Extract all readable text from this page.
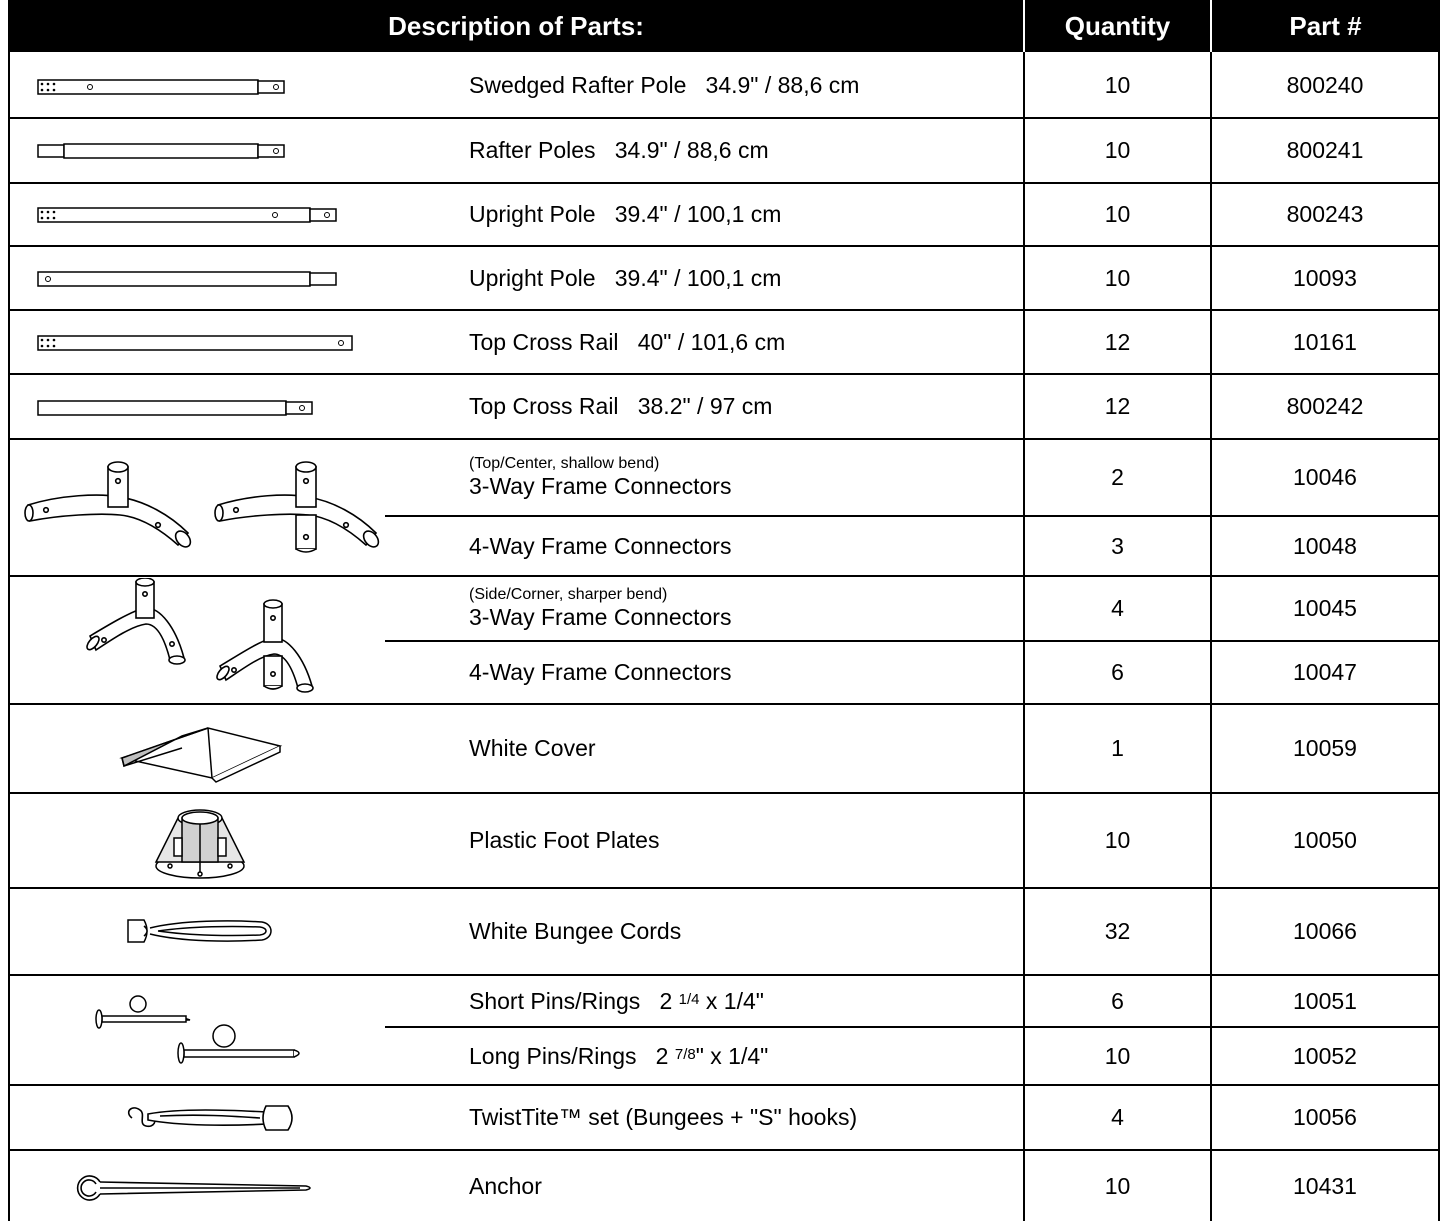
Description of Parts:	Quantity	Part #
Swedged Rafter Pole 34.9" / 88,6 cm	10	800240
Rafter Poles 34.9" / 88,6 cm	10	800241
Upright Pole 39.4" / 100,1 cm	10	800243
Upright Pole 39.4" / 100,1 cm	10	10093
Top Cross Rail 40" / 101,6 cm	12	10161
Top Cross Rail 38.2" / 97 cm	12	800242
(Top/Center, shallow bend)
3-Way Frame Connectors	2	10046
4-Way Frame Connectors	3	10048
(Side/Corner, sharper bend)
3-Way Frame Connectors	4	10045
4-Way Frame Connectors	6	10047
White Cover	1	10059
Plastic Foot Plates	10	10050
White Bungee Cords	32	10066
Short Pins/Rings 2 $^{1/4}$ x 1/4"	6	10051
Long Pins/Rings 2 $^{7/8}$" x 1/4"	10	10052
TwistTite™ set (Bungees + "S" hooks)	4	10056
Anchor	10	10431
